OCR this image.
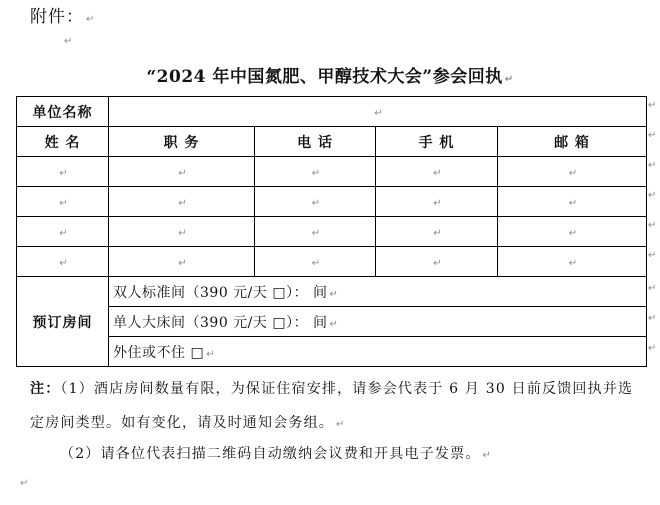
附件： ↵
↵
“2024 年中国氮肥、甲醇技术大会”参会回执 ↵
单位名称	↵			
姓 名	职 务	电 话	手 机	邮 箱
↵	↵	↵	↵	↵
↵	↵	↵	↵	↵
↵	↵	↵	↵	↵
↵	↵	↵	↵	↵
预订房间	双人标准间（390 元/天 □）： 间 ↵			
	单人大床间（390 元/天 □）： 间 ↵			
	外住或不住 □ ↵			
↵
↵
↵
↵
↵
↵
↵
↵
↵
注：（1）酒店房间数量有限，为保证住宿安排，请参会代表于 6 月 30 日前反馈回执并选
定房间类型。如有变化，请及时通知会务组。 ↵
（2）请各位代表扫描二维码自动缴纳会议费和开具电子发票。 ↵
↵
